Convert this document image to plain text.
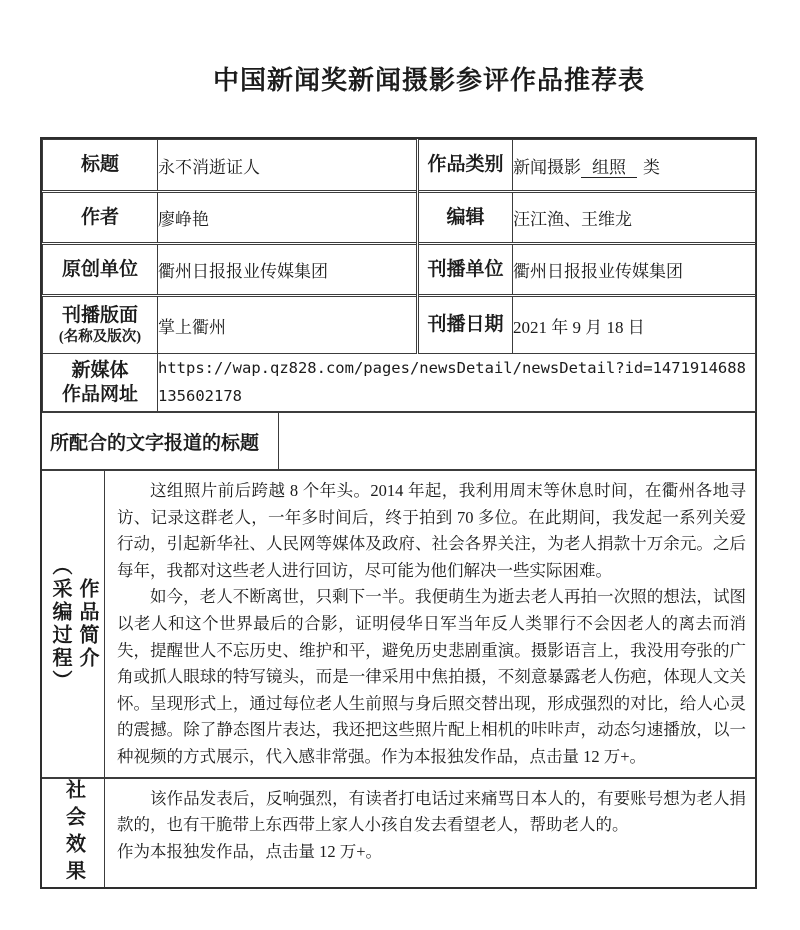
中国新闻奖新闻摄影参评作品推荐表
标题	永不消逝证人	作品类别	新闻摄影 组照 类
作者	廖峥艳	编辑	汪江渔、王维龙
原创单位	衢州日报报业传媒集团	刊播单位	衢州日报报业传媒集团
刊播版面
(名称及版次)	掌上衢州	刊播日期	2021 年 9 月 18 日
新媒体
作品网址	https://wap.qz828.com/pages/newsDetail/newsDetail?id=1471914688135602178		
所配合的文字报道的标题
（采编过程） 作品简介

这组照片前后跨越 8 个年头。2014 年起，我利用周末等休息时间，在衢州各地寻访、记录这群老人，一年多时间后，终于拍到 70 多位。在此期间，我发起一系列关爱行动，引起新华社、人民网等媒体及政府、社会各界关注，为老人捐款十万余元。之后每年，我都对这些老人进行回访，尽可能为他们解决一些实际困难。

如今，老人不断离世，只剩下一半。我便萌生为逝去老人再拍一次照的想法，试图以老人和这个世界最后的合影，证明侵华日军当年反人类罪行不会因老人的离去而消失，提醒世人不忘历史、维护和平，避免历史悲剧重演。摄影语言上，我没用夸张的广角或抓人眼球的特写镜头，而是一律采用中焦拍摄，不刻意暴露老人伤疤，体现人文关怀。呈现形式上，通过每位老人生前照与身后照交替出现，形成强烈的对比，给人心灵的震撼。除了静态图片表达，我还把这些照片配上相机的咔咔声，动态匀速播放，以一种视频的方式展示，代入感非常强。作为本报独发作品，点击量 12 万+。

社会效果	该作品发表后，反响强烈，有读者打电话过来痛骂日本人的，有要账号想为老人捐款的，也有干脆带上东西带上家人小孩自发去看望老人，帮助老人的。

作为本报独发作品，点击量 12 万+。
